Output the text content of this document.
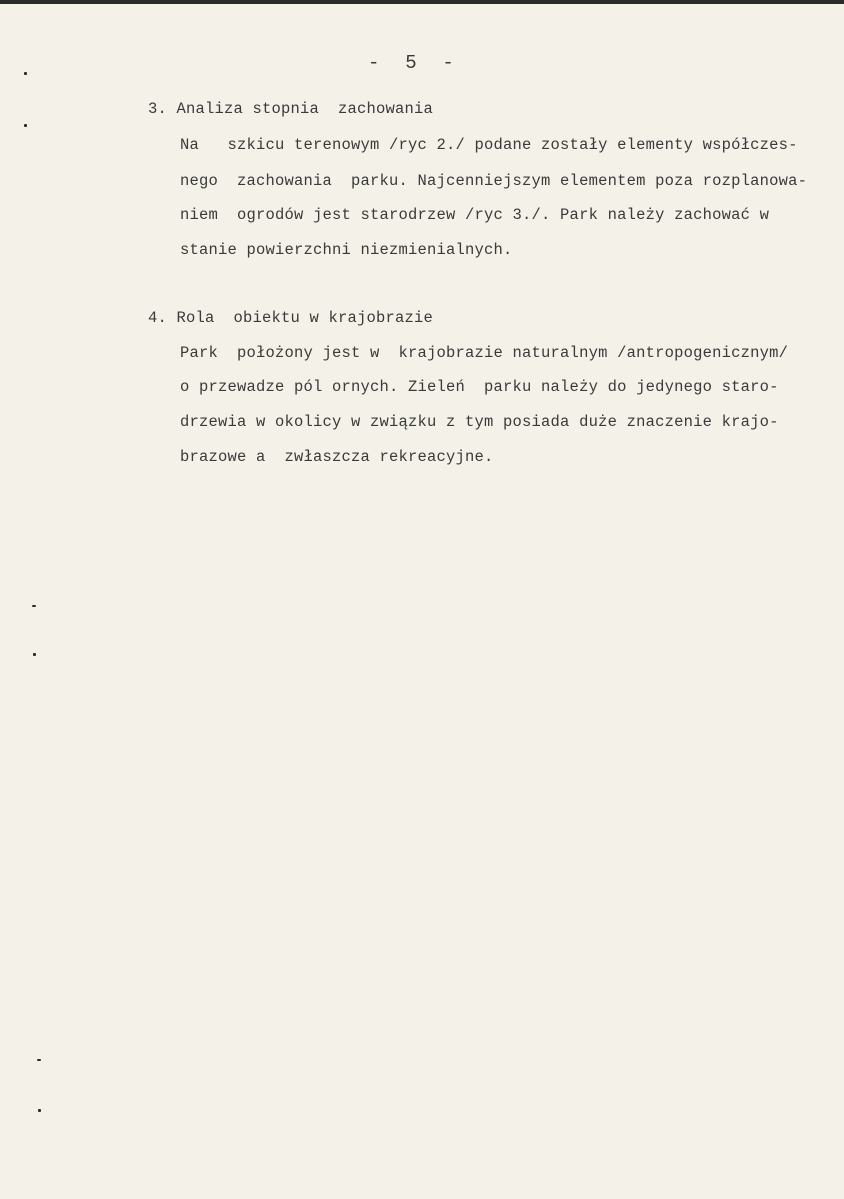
-  5  -
3. Analiza stopnia  zachowania
Na   szkicu terenowym /ryc 2./ podane zostały elementy współczes-
nego  zachowania  parku. Najcenniejszym elementem poza rozplanowa-
niem  ogrodów jest starodrzew /ryc 3./. Park należy zachować w
stanie powierzchni niezmienialnych.
4. Rola  obiektu w krajobrazie
Park  położony jest w  krajobrazie naturalnym /antropogenicznym/
o przewadze pól ornych. Zieleń  parku należy do jedynego staro-
drzewia w okolicy w związku z tym posiada duże znaczenie krajo-
brazowe a  zwłaszcza rekreacyjne.
